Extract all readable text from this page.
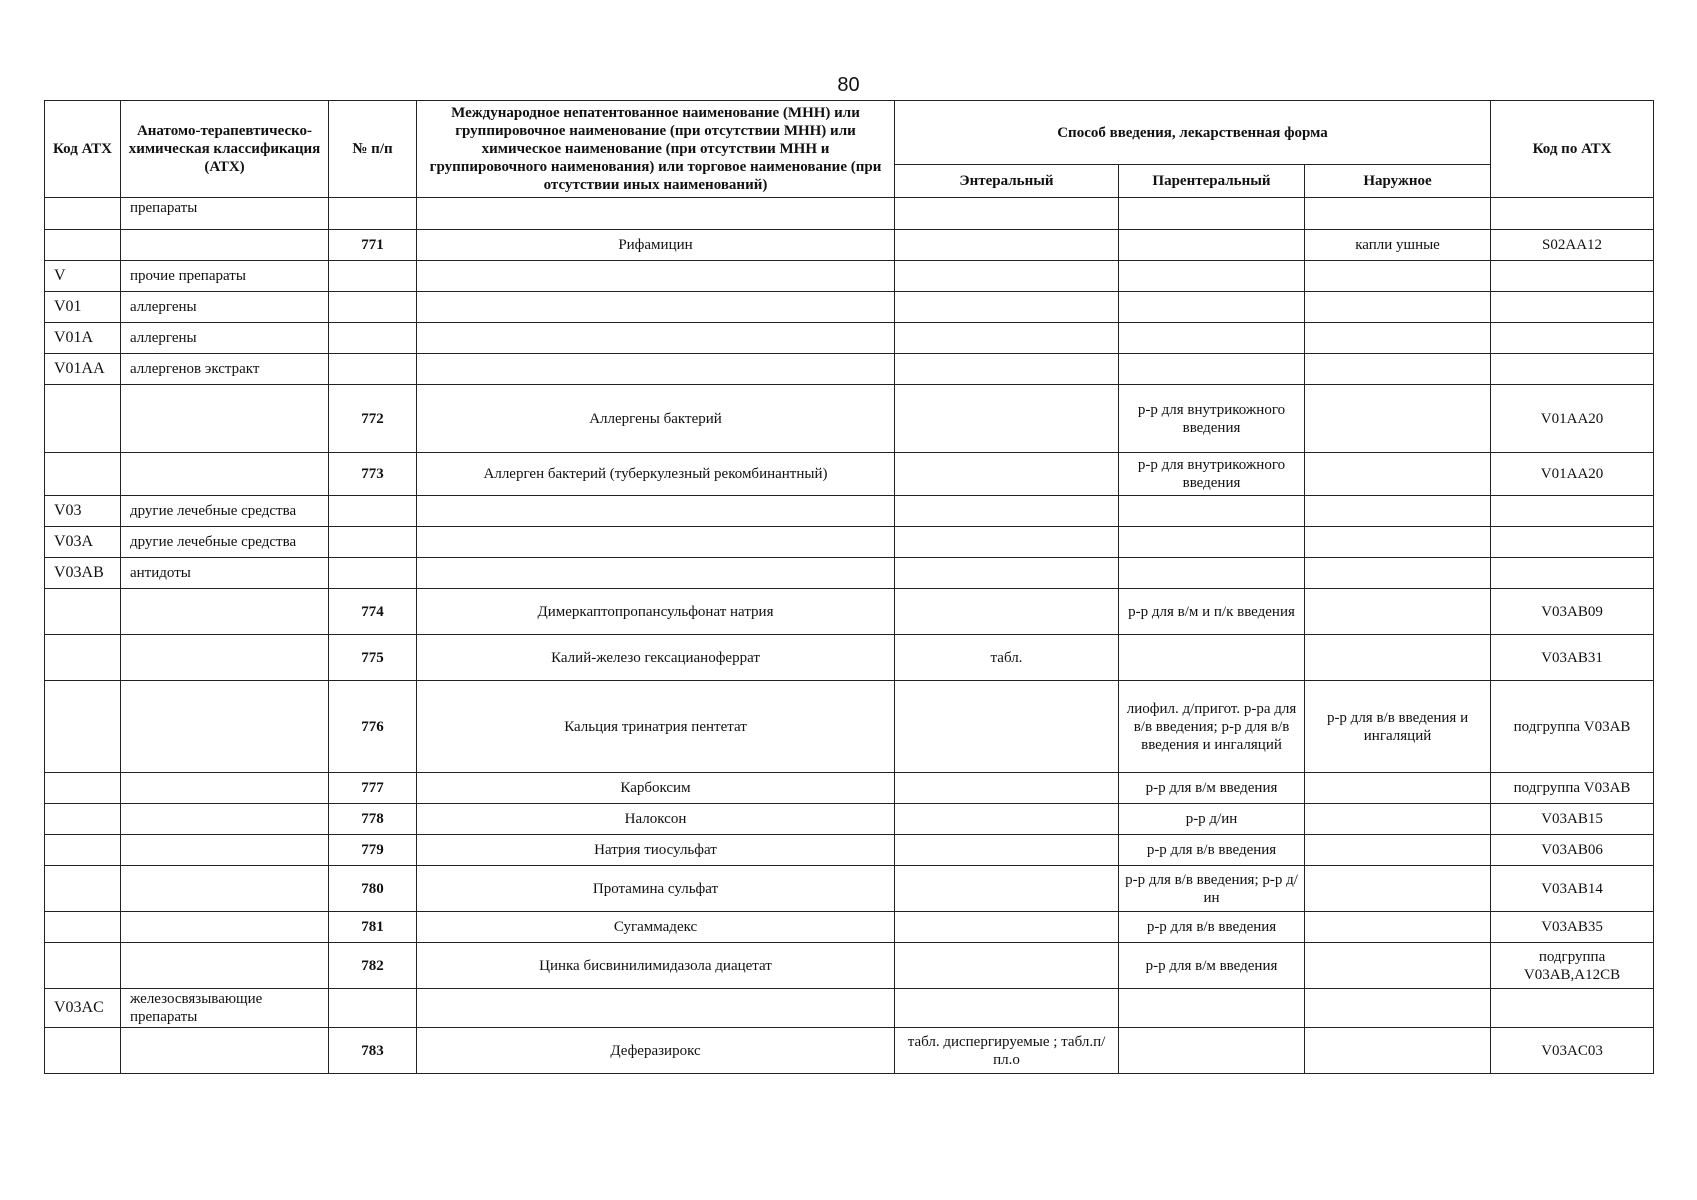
80
Код АТХ	Анатомо-терапевтическо-химическая классификация (АТХ)	№ п/п	Международное непатентованное наименование (МНН) или группировочное наименование (при отсутствии МНН) или химическое наименование (при отсутствии МНН и группировочного наименования) или торговое наименование (при отсутствии иных наименований)	Способ введения, лекарственная форма			Код по АТХ
				Энтеральный	Парентеральный	Наружное	
	препараты						
		771	Рифамицин			капли ушные	S02AA12
V	прочие препараты						
V01	аллергены						
V01A	аллергены						
V01AA	аллергенов экстракт						
		772	Аллергены бактерий		р-р для внутрикожного введения		V01AA20
		773	Аллерген бактерий (туберкулезный рекомбинантный)		р-р для внутрикожного введения		V01AA20
V03	другие лечебные средства						
V03A	другие лечебные средства						
V03AB	антидоты						
		774	Димеркаптопропансульфонат натрия		р-р для в/м и п/к введения		V03AB09
		775	Калий-железо гексацианоферрат	табл.			V03AB31
		776	Кальция тринатрия пентетат		лиофил. д/пригот. р-ра для в/в введения; р-р для в/в введения и ингаляций	р-р для в/в введения и ингаляций	подгруппа V03AB
		777	Карбоксим		р-р для в/м введения		подгруппа V03AB
		778	Налоксон		р-р д/ин		V03AB15
		779	Натрия тиосульфат		р-р для в/в введения		V03AB06
		780	Протамина сульфат		р-р для в/в введения; р-р д/ин		V03AB14
		781	Сугаммадекс		р-р для в/в введения		V03AB35
		782	Цинка бисвинилимидазола диацетат		р-р для в/м введения		подгруппа V03AB,A12CB
V03AC	железосвязывающие препараты						
		783	Деферазирокс	табл. диспергируемые ; табл.п/пл.о			V03AC03
